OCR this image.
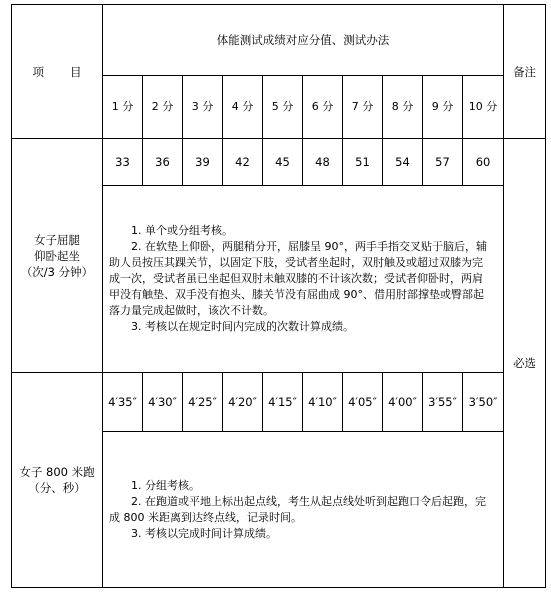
项 目	体能测试成绩对应分值、测试办法										备注
	1 分	2 分	3 分	4 分	5 分	6 分	7 分	8 分	9 分	10 分	
女子屈腿
仰卧起坐
（次/3 分钟）	33	36	39	42	45	48	51	54	57	60	必选

	1. 单个或分组考核。

2. 在软垫上仰卧，两腿稍分开，屈膝呈 90°，两手手指交叉贴于脑后，辅助人员按压其踝关节，以固定下肢，受试者坐起时，双肘触及或超过双膝为完成一次，受试者虽已坐起但双肘未触双膝的不计该次数；受试者仰卧时，两肩甲没有触垫、双手没有抱头、膝关节没有屈曲成 90°、借用肘部撑垫或臀部起落力量完成起做时，该次不计数。

3. 考核以在规定时间内完成的次数计算成绩。										

女子 800 米跑
（分、秒）	4′35″	4′30″	4′25″	4′20″	4′15″	4′10″	4′05″	4′00″	3′55″	3′50″	

	1. 分组考核。

2. 在跑道或平地上标出起点线，考生从起点线处听到起跑口令后起跑，完成 800 米距离到达终点线，记录时间。

3. 考核以完成时间计算成绩。										
